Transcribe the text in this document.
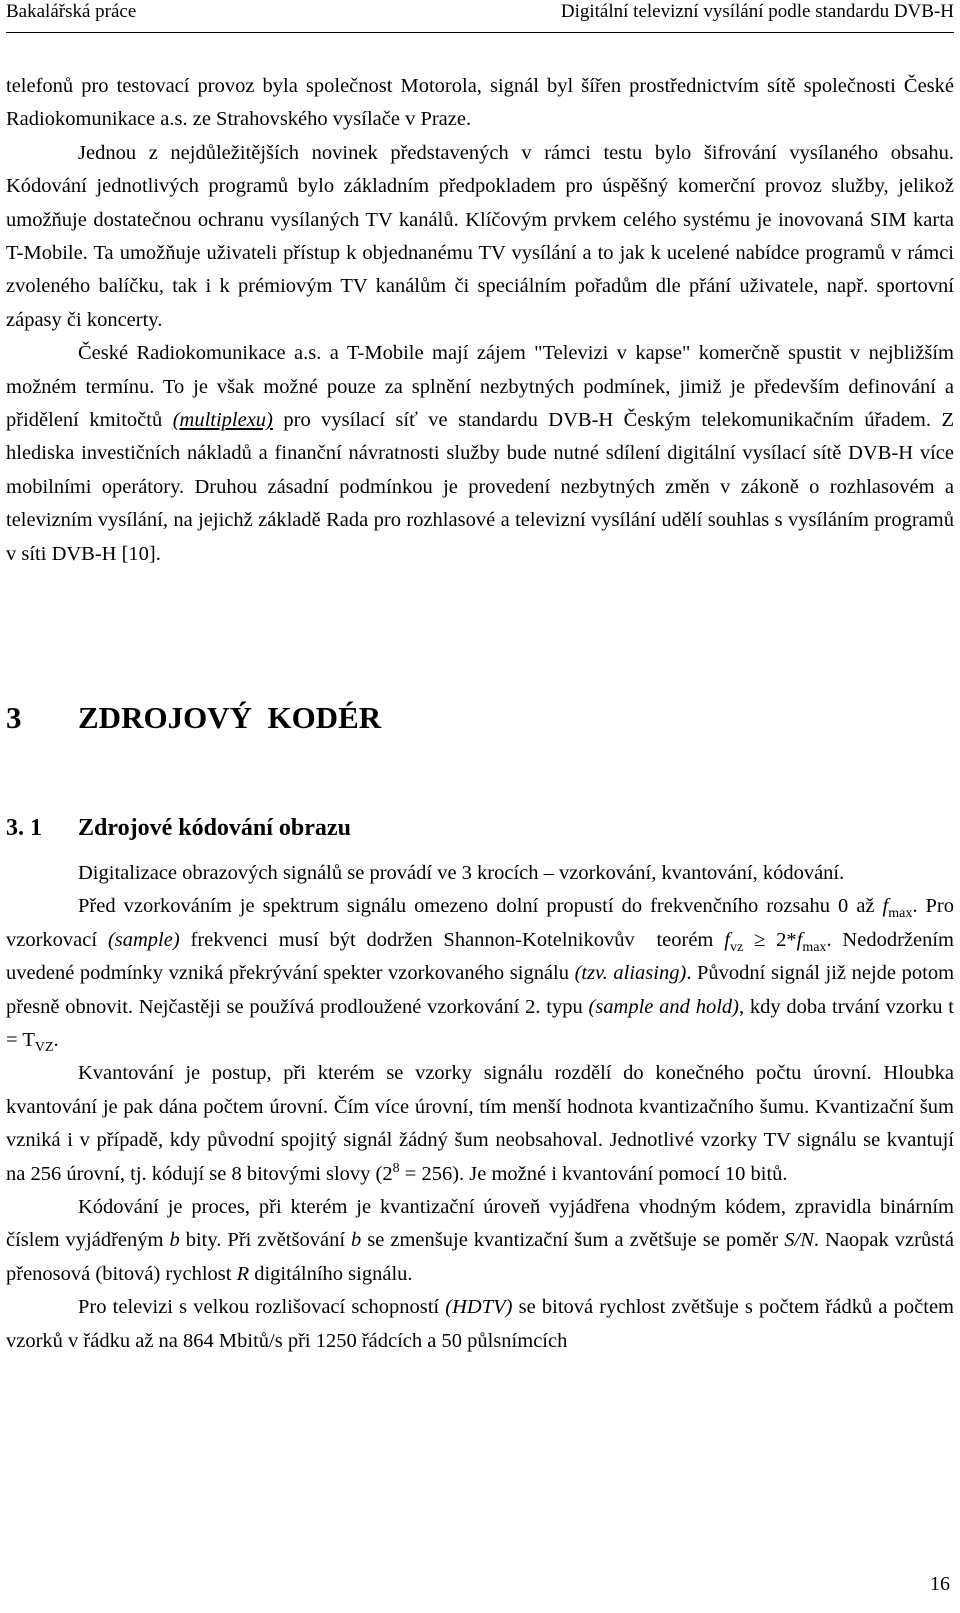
Bakalářská práce	Digitální televizní vysílání podle standardu DVB-H

telefonů pro testovací provoz byla společnost Motorola, signál byl šířen prostřednictvím sítě společnosti České Radiokomunikace a.s. ze Strahovského vysílače v Praze.

Jednou z nejdůležitějších novinek představených v rámci testu bylo šifrování vysílaného obsahu. Kódování jednotlivých programů bylo základním předpokladem pro úspěšný komerční provoz služby, jelikož umožňuje dostatečnou ochranu vysílaných TV kanálů. Klíčovým prvkem celého systému je inovovaná SIM karta T-Mobile. Ta umožňuje uživateli přístup k objednanému TV vysílání a to jak k ucelené nabídce programů v rámci zvoleného balíčku, tak i k prémiovým TV kanálům či speciálním pořadům dle přání uživatele, např. sportovní zápasy či koncerty.

České Radiokomunikace a.s. a T-Mobile mají zájem "Televizi v kapse" komerčně spustit v nejbližším možném termínu. To je však možné pouze za splnění nezbytných podmínek, jimiž je především definování a přidělení kmitočtů (multiplexu) pro vysílací síť ve standardu DVB-H Českým telekomunikačním úřadem. Z hlediska investičních nákladů a finanční návratnosti služby bude nutné sdílení digitální vysílací sítě DVB-H více mobilními operátory. Druhou zásadní podmínkou je provedení nezbytných změn v zákoně o rozhlasovém a televizním vysílání, na jejichž základě Rada pro rozhlasové a televizní vysílání udělí souhlas s vysíláním programů v síti DVB-H [10].

3 ZDROJOVÝ  KODÉR
3. 1 Zdrojové kódování obrazu

Digitalizace obrazových signálů se provádí ve 3 krocích – vzorkování, kvantování, kódování.

Před vzorkováním je spektrum signálu omezeno dolní propustí do frekvenčního rozsahu 0 až $f_{max}$. Pro vzorkovací (sample) frekvenci musí být dodržen Shannon-Kotelnikovův  teorém $f_{vz} \ge 2*f_{max}$. Nedodržením uvedené podmínky vzniká překrývání spekter vzorkovaného signálu (tzv. aliasing). Původní signál již nejde potom přesně obnovit. Nejčastěji se používá prodloužené vzorkování 2. typu (sample and hold), kdy doba trvání vzorku $t = T_{VZ}$.

Kvantování je postup, při kterém se vzorky signálu rozdělí do konečného počtu úrovní. Hloubka kvantování je pak dána počtem úrovní. Čím více úrovní, tím menší hodnota kvantizačního šumu. Kvantizační šum vzniká i v případě, kdy původní spojitý signál žádný šum neobsahoval. Jednotlivé vzorky TV signálu se kvantují na 256 úrovní, tj. kódují se 8 bitovými slovy $(2^8 = 256)$. Je možné i kvantování pomocí 10 bitů.

Kódování je proces, při kterém je kvantizační úroveň vyjádřena vhodným kódem, zpravidla binárním číslem vyjádřeným b bity. Při zvětšování b se zmenšuje kvantizační šum a zvětšuje se poměr S/N. Naopak vzrůstá přenosová (bitová) rychlost R digitálního signálu.

Pro televizi s velkou rozlišovací schopností (HDTV) se bitová rychlost zvětšuje s počtem řádků a počtem vzorků v řádku až na 864 Mbitů/s při 1250 řádcích a 50 půlsnímcích

16
